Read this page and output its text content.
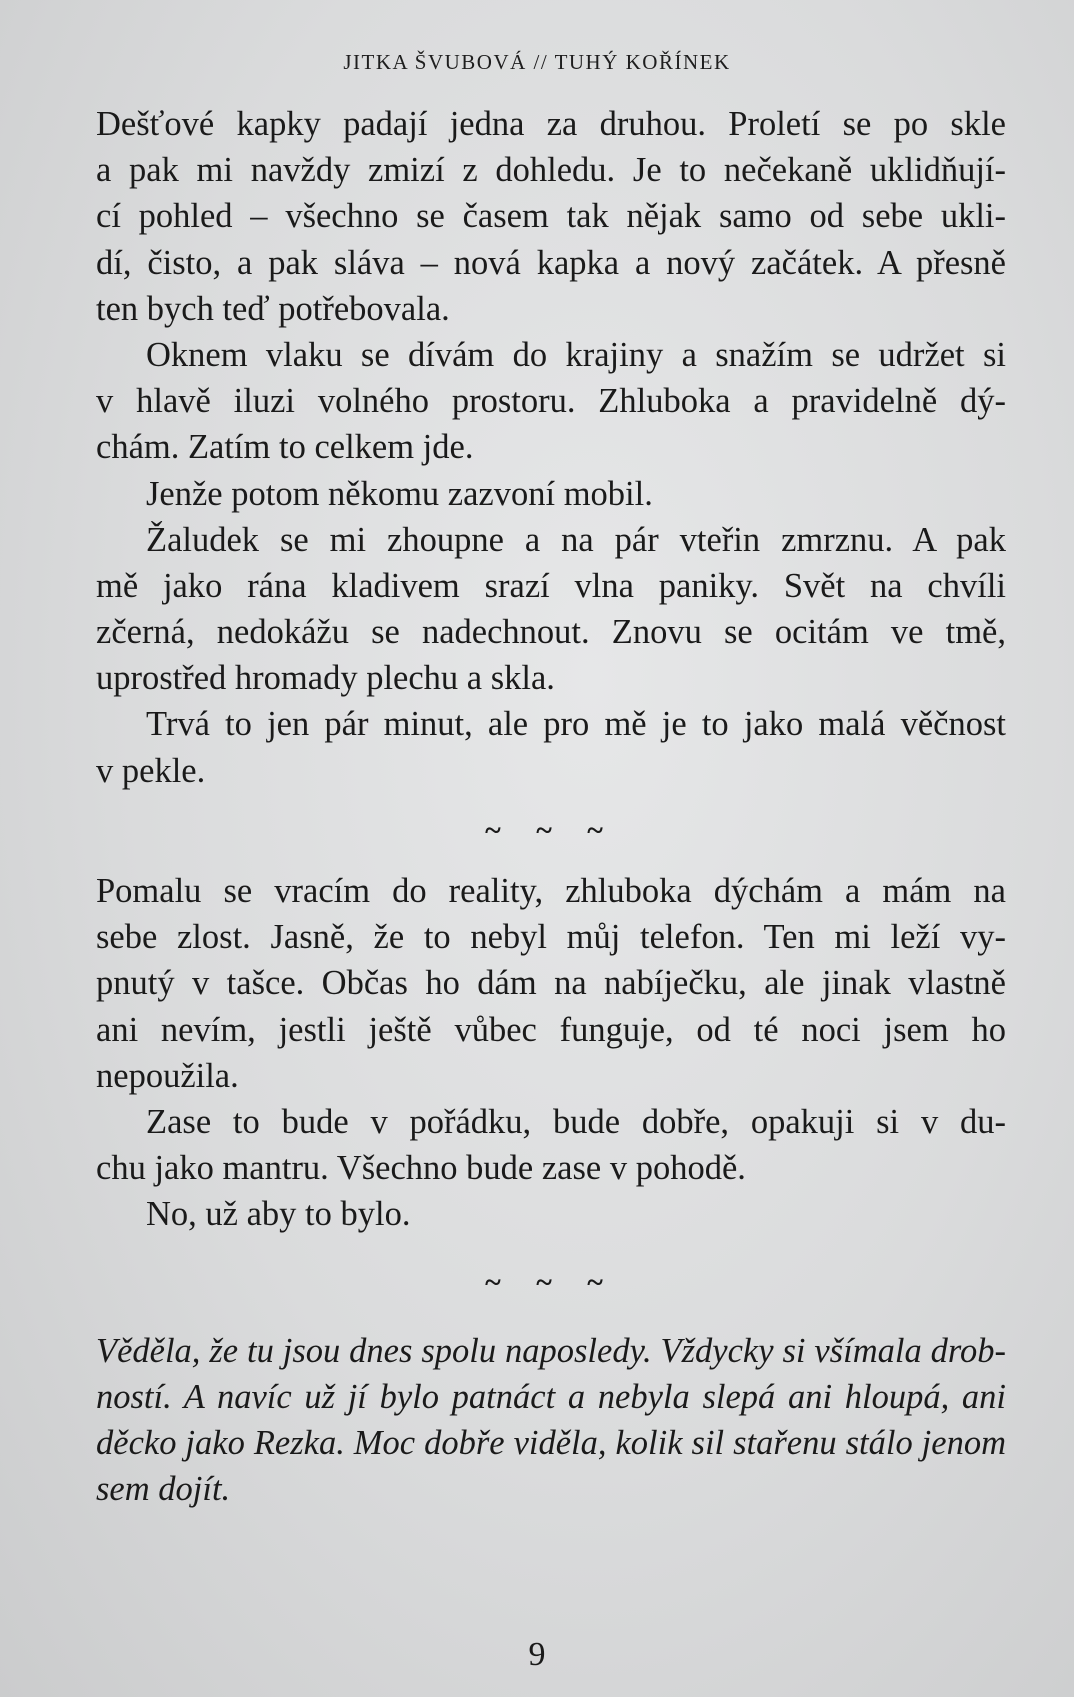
JITKA ŠVUBOVÁ // TUHÝ KOŘÍNEK
Dešťové kapky padají jedna za druhou. Proletí se po skle
a pak mi navždy zmizí z dohledu. Je to nečekaně uklidňují-
cí pohled – všechno se časem tak nějak samo od sebe ukli-
dí, čisto, a pak sláva – nová kapka a nový začátek. A přesně
ten bych teď potřebovala.
Oknem vlaku se dívám do krajiny a snažím se udržet si
v hlavě iluzi volného prostoru. Zhluboka a pravidelně dý-
chám. Zatím to celkem jde.
Jenže potom někomu zazvoní mobil.
Žaludek se mi zhoupne a na pár vteřin zmrznu. A pak
mě jako rána kladivem srazí vlna paniky. Svět na chvíli
zčerná, nedokážu se nadechnout. Znovu se ocitám ve tmě,
uprostřed hromady plechu a skla.
Trvá to jen pár minut, ale pro mě je to jako malá věčnost
v pekle.
~ ~ ~
Pomalu se vracím do reality, zhluboka dýchám a mám na
sebe zlost. Jasně, že to nebyl můj telefon. Ten mi leží vy-
pnutý v tašce. Občas ho dám na nabíječku, ale jinak vlastně
ani nevím, jestli ještě vůbec funguje, od té noci jsem ho
nepoužila.
Zase to bude v pořádku, bude dobře, opakuji si v du-
chu jako mantru. Všechno bude zase v pohodě.
No, už aby to bylo.
~ ~ ~
Věděla, že tu jsou dnes spolu naposledy. Vždycky si všímala drob-
ností. A navíc už jí bylo patnáct a nebyla slepá ani hloupá, ani
děcko jako Rezka. Moc dobře viděla, kolik sil stařenu stálo jenom
sem dojít.
9
